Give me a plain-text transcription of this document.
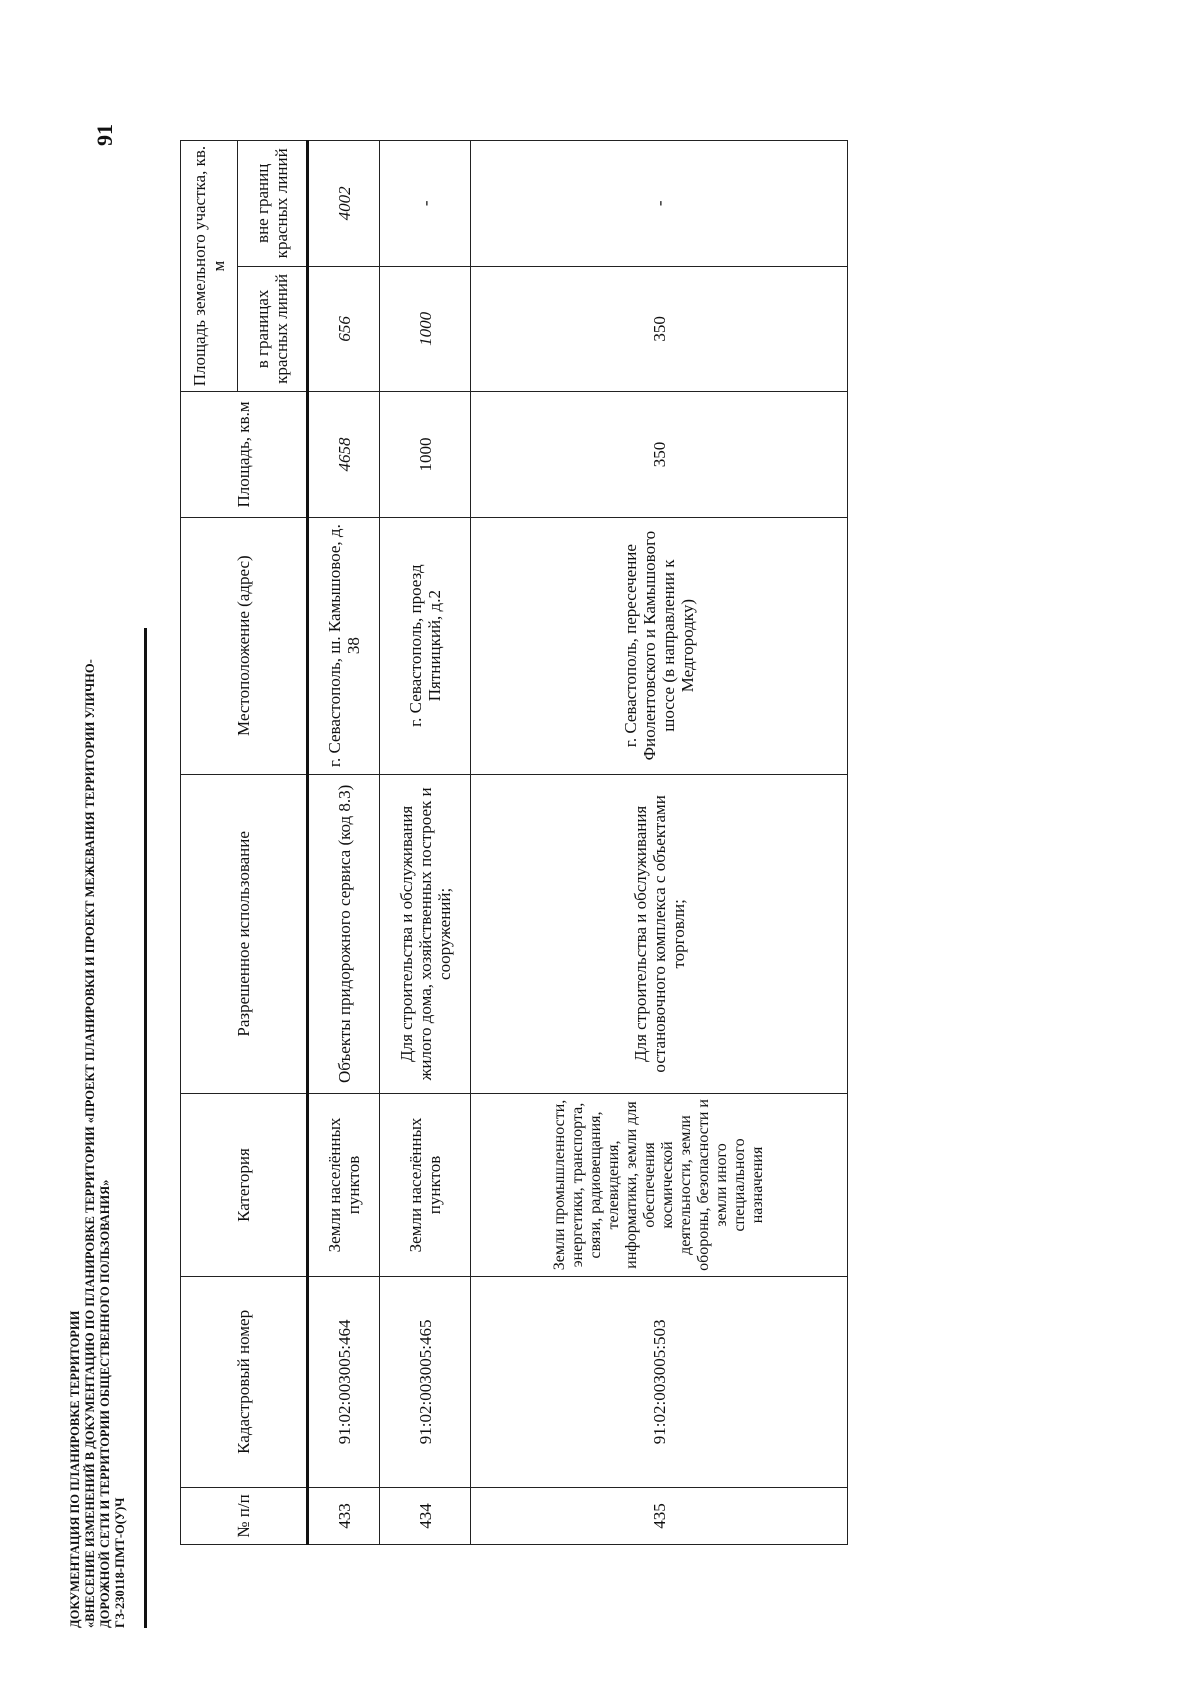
ДОКУМЕНТАЦИЯ ПО ПЛАНИРОВКЕ ТЕРРИТОРИИ «ВНЕСЕНИЕ ИЗМЕНЕНИЙ В ДОКУМЕНТАЦИЮ ПО ПЛАНИРОВКЕ ТЕРРИТОРИИ «ПРОЕКТ ПЛАНИРОВКИ И ПРОЕКТ МЕЖЕВАНИЯ ТЕРРИТОРИИ УЛИЧНО- ДОРОЖНОЙ СЕТИ И ТЕРРИТОРИИ ОБЩЕСТВЕННОГО ПОЛЬЗОВАНИЯ» ГЗ-230118-ПМТ-О(У)Ч
91
№ п/п	Кадастровый номер	Категория	Разрешенное использование	Местоположение (адрес)	Площадь, кв.м	Площадь земельного участка, кв. м	
						в границах красных линий	вне границ красных линий
433	91:02:003005:464	Земли населённых пунктов	Объекты придорожного сервиса (код 8.3)	г. Севастополь, ш. Камышовое, д. 38	4658	656	4002
434	91:02:003005:465	Земли населённых пунктов	Для строительства и обслуживания жилого дома, хозяйственных построек и сооружений;	г. Севастополь, проезд Пятницкий, д.2	1000	1000	-
435	91:02:003005:503	Земли промышленности, энергетики, транспорта, связи, радиовещания, телевидения, информатики, земли для обеспечения космической деятельности, земли обороны, безопасности и земли иного специального назначения	Для строительства и обслуживания остановочного комплекса с объектами торговли;	г. Севастополь, пересечение Фиолентовского и Камышового шоссе (в направлении к Медгородку)	350	350	-
